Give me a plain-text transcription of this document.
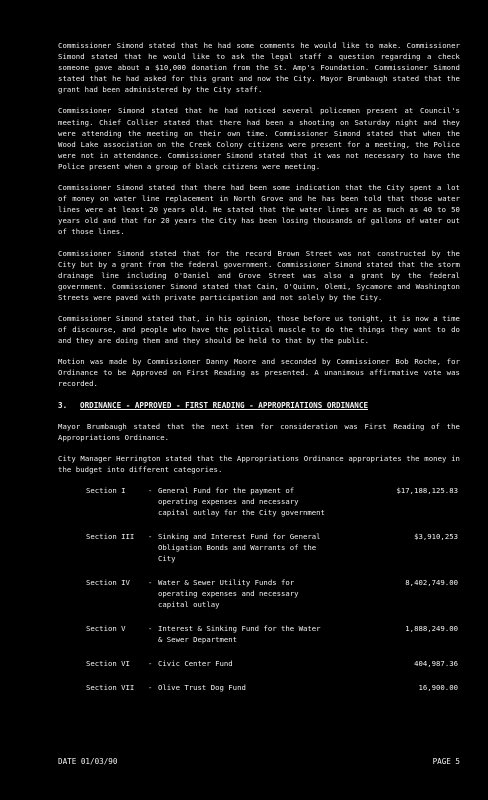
Commissioner Simond stated that he had some comments he would like to make. Commissioner Simond stated that he would like to ask the legal staff a question regarding a check someone gave about a $10,000 donation from the St. Amp's Foundation. Commissioner Simond stated that he had asked for this grant and now the City. Mayor Brumbaugh stated that the grant had been administered by the City staff.

Commissioner Simond stated that he had noticed several policemen present at Council's meeting. Chief Collier stated that there had been a shooting on Saturday night and they were attending the meeting on their own time. Commissioner Simond stated that when the Wood Lake association on the Creek Colony citizens were present for a meeting, the Police were not in attendance. Commissioner Simond stated that it was not necessary to have the Police present when a group of black citizens were meeting.

Commissioner Simond stated that there had been some indication that the City spent a lot of money on water line replacement in North Grove and he has been told that those water lines were at least 20 years old. He stated that the water lines are as much as 40 to 50 years old and that for 20 years the City has been losing thousands of gallons of water out of those lines.

Commissioner Simond stated that for the record Brown Street was not constructed by the City but by a grant from the federal government. Commissioner Simond stated that the storm drainage line including O'Daniel and Grove Street was also a grant by the federal government. Commissioner Simond stated that Cain, O'Quinn, Olemi, Sycamore and Washington Streets were paved with private participation and not solely by the City.

Commissioner Simond stated that, in his opinion, those before us tonight, it is now a time of discourse, and people who have the political muscle to do the things they want to do and they are doing them and they should be held to that by the public.

Motion was made by Commissioner Danny Moore and seconded by Commissioner Bob Roche, for Ordinance to be Approved on First Reading as presented. A unanimous affirmative vote was recorded.

3.	ORDINANCE - APPROVED - FIRST READING - APPROPRIATIONS ORDINANCE

Mayor Brumbaugh stated that the next item for consideration was First Reading of the Appropriations Ordinance.

City Manager Herrington stated that the Appropriations Ordinance appropriates the money in the budget into different categories.

Section I	-	General Fund for the payment of operating expenses and necessary capital outlay for the City government	$17,188,125.83
Section III	-	Sinking and Interest Fund for General Obligation Bonds and Warrants of the City	$3,910,253
Section IV	-	Water & Sewer Utility Funds for operating expenses and necessary capital outlay	8,402,749.00
Section V	-	Interest & Sinking Fund for the Water & Sewer Department	1,888,249.00
Section VI	-	Civic Center Fund	404,987.36
Section VII	-	Olive Trust Dog Fund	16,900.00
DATE 01/03/90	PAGE 5
